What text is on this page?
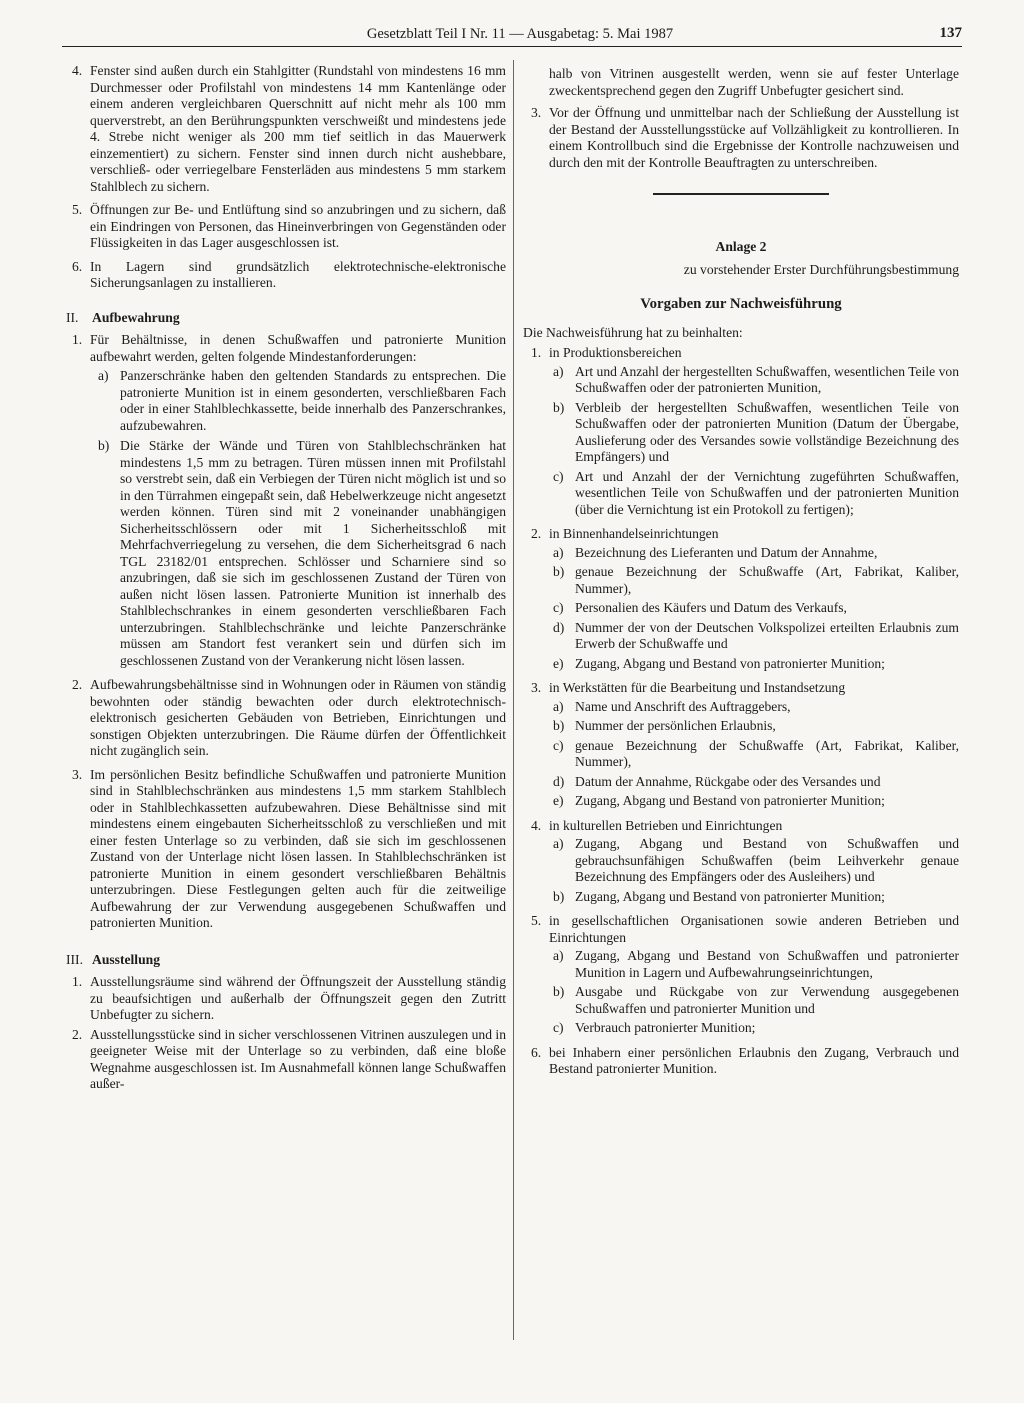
Gesetzblatt Teil I Nr. 11 — Ausgabetag: 5. Mai 1987	137
4. Fenster sind außen durch ein Stahlgitter (Rundstahl von mindestens 16 mm Durchmesser oder Profilstahl von mindestens 14 mm Kantenlänge oder einem anderen vergleichbaren Querschnitt auf nicht mehr als 100 mm querverstrebt, an den Berührungspunkten verschweißt und mindestens jede 4. Strebe nicht weniger als 200 mm tief seitlich in das Mauerwerk einzementiert) zu sichern. Fenster sind innen durch nicht aushebbare, verschließ- oder verriegelbare Fensterläden aus mindestens 5 mm starkem Stahlblech zu sichern.

5. Öffnungen zur Be- und Entlüftung sind so anzubringen und zu sichern, daß ein Eindringen von Personen, das Hineinverbringen von Gegenständen oder Flüssigkeiten in das Lager ausgeschlossen ist.

6. In Lagern sind grundsätzlich elektrotechnische-elektronische Sicherungsanlagen zu installieren.

II. Aufbewahrung
1. Für Behältnisse, in denen Schußwaffen und patronierte Munition aufbewahrt werden, gelten folgende Mindestanforderungen:

a) Panzerschränke haben den geltenden Standards zu entsprechen. Die patronierte Munition ist in einem gesonderten, verschließbaren Fach oder in einer Stahlblechkassette, beide innerhalb des Panzerschrankes, aufzubewahren.

b) Die Stärke der Wände und Türen von Stahlblechschränken hat mindestens 1,5 mm zu betragen. Türen müssen innen mit Profilstahl so verstrebt sein, daß ein Verbiegen der Türen nicht möglich ist und so in den Türrahmen eingepaßt sein, daß Hebelwerkzeuge nicht angesetzt werden können. Türen sind mit 2 voneinander unabhängigen Sicherheitsschlössern oder mit 1 Sicherheitsschloß mit Mehrfachverriegelung zu versehen, die dem Sicherheitsgrad 6 nach TGL 23182/01 entsprechen. Schlösser und Scharniere sind so anzubringen, daß sie sich im geschlossenen Zustand der Türen von außen nicht lösen lassen. Patronierte Munition ist innerhalb des Stahlblechschrankes in einem gesonderten verschließbaren Fach unterzubringen. Stahlblechschränke und leichte Panzerschränke müssen am Standort fest verankert sein und dürfen sich im geschlossenen Zustand von der Verankerung nicht lösen lassen.

2. Aufbewahrungsbehältnisse sind in Wohnungen oder in Räumen von ständig bewohnten oder ständig bewachten oder durch elektrotechnisch-elektronisch gesicherten Gebäuden von Betrieben, Einrichtungen und sonstigen Objekten unterzubringen. Die Räume dürfen der Öffentlichkeit nicht zugänglich sein.

3. Im persönlichen Besitz befindliche Schußwaffen und patronierte Munition sind in Stahlblechschränken aus mindestens 1,5 mm starkem Stahlblech oder in Stahlblechkassetten aufzubewahren. Diese Behältnisse sind mit mindestens einem eingebauten Sicherheitsschloß zu verschließen und mit einer festen Unterlage so zu verbinden, daß sie sich im geschlossenen Zustand von der Unterlage nicht lösen lassen. In Stahlblechschränken ist patronierte Munition in einem gesondert verschließbaren Behältnis unterzubringen. Diese Festlegungen gelten auch für die zeitweilige Aufbewahrung der zur Verwendung ausgegebenen Schußwaffen und patronierten Munition.

III. Ausstellung
1. Ausstellungsräume sind während der Öffnungszeit der Ausstellung ständig zu beaufsichtigen und außerhalb der Öffnungszeit gegen den Zutritt Unbefugter zu sichern.

2. Ausstellungsstücke sind in sicher verschlossenen Vitrinen auszulegen und in geeigneter Weise mit der Unterlage so zu verbinden, daß eine bloße Wegnahme ausgeschlossen ist. Im Ausnahmefall können lange Schußwaffen außer-

halb von Vitrinen ausgestellt werden, wenn sie auf fester Unterlage zweckentsprechend gegen den Zugriff Unbefugter gesichert sind.

3. Vor der Öffnung und unmittelbar nach der Schließung der Ausstellung ist der Bestand der Ausstellungsstücke auf Vollzähligkeit zu kontrollieren. In einem Kontrollbuch sind die Ergebnisse der Kontrolle nachzuweisen und durch den mit der Kontrolle Beauftragten zu unterschreiben.

Anlage 2
zu vorstehender Erster Durchführungsbestimmung
Vorgaben zur Nachweisführung

Die Nachweisführung hat zu beinhalten:

1. in Produktionsbereichen

a) Art und Anzahl der hergestellten Schußwaffen, wesentlichen Teile von Schußwaffen oder der patronierten Munition,

b) Verbleib der hergestellten Schußwaffen, wesentlichen Teile von Schußwaffen oder der patronierten Munition (Datum der Übergabe, Auslieferung oder des Versandes sowie vollständige Bezeichnung des Empfängers) und

c) Art und Anzahl der der Vernichtung zugeführten Schußwaffen, wesentlichen Teile von Schußwaffen und der patronierten Munition (über die Vernichtung ist ein Protokoll zu fertigen);

2. in Binnenhandelseinrichtungen

a) Bezeichnung des Lieferanten und Datum der Annahme,

b) genaue Bezeichnung der Schußwaffe (Art, Fabrikat, Kaliber, Nummer),

c) Personalien des Käufers und Datum des Verkaufs,

d) Nummer der von der Deutschen Volkspolizei erteilten Erlaubnis zum Erwerb der Schußwaffe und

e) Zugang, Abgang und Bestand von patronierter Munition;

3. in Werkstätten für die Bearbeitung und Instandsetzung

a) Name und Anschrift des Auftraggebers,

b) Nummer der persönlichen Erlaubnis,

c) genaue Bezeichnung der Schußwaffe (Art, Fabrikat, Kaliber, Nummer),

d) Datum der Annahme, Rückgabe oder des Versandes und

e) Zugang, Abgang und Bestand von patronierter Munition;

4. in kulturellen Betrieben und Einrichtungen

a) Zugang, Abgang und Bestand von Schußwaffen und gebrauchsunfähigen Schußwaffen (beim Leihverkehr genaue Bezeichnung des Empfängers oder des Ausleihers) und

b) Zugang, Abgang und Bestand von patronierter Munition;

5. in gesellschaftlichen Organisationen sowie anderen Betrieben und Einrichtungen

a) Zugang, Abgang und Bestand von Schußwaffen und patronierter Munition in Lagern und Aufbewahrungseinrichtungen,

b) Ausgabe und Rückgabe von zur Verwendung ausgegebenen Schußwaffen und patronierter Munition und

c) Verbrauch patronierter Munition;

6. bei Inhabern einer persönlichen Erlaubnis den Zugang, Verbrauch und Bestand patronierter Munition.
